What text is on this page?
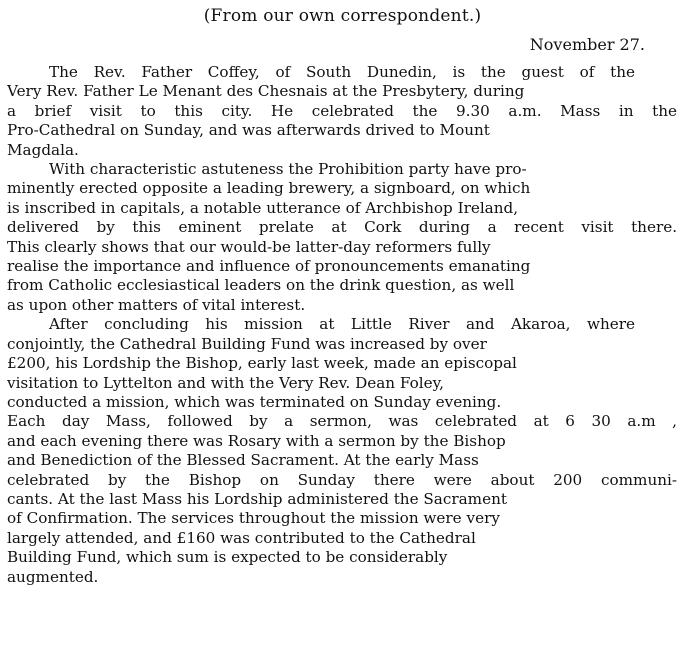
(From our own correspondent.)
November 27.

The Rev. Father Coffey, of South Dunedin, is the guest of the
Very Rev. Father Le Menant des Chesnais at the Presbytery, during
a brief visit to this city. He celebrated the 9.30 a.m. Mass in the
Pro-Cathedral on Sunday, and was afterwards drived to Mount
Magdala.

With characteristic astuteness the Prohibition party have pro-
minently erected opposite a leading brewery, a signboard, on which
is inscribed in capitals, a notable utterance of Archbishop Ireland,
delivered by this eminent prelate at Cork during a recent visit there.
This clearly shows that our would-be latter-day reformers fully
realise the importance and influence of pronouncements emanating
from Catholic ecclesiastical leaders on the drink question, as well
as upon other matters of vital interest.

After concluding his mission at Little River and Akaroa, where
conjointly, the Cathedral Building Fund was increased by over
£200, his Lordship the Bishop, early last week, made an episcopal
visitation to Lyttelton and with the Very Rev. Dean Foley,
conducted a mission, which was terminated on Sunday evening.
Each day Mass, followed by a sermon, was celebrated at 6 30 a.m ,
and each evening there was Rosary with a sermon by the Bishop
and Benediction of the Blessed Sacrament. At the early Mass
celebrated by the Bishop on Sunday there were about 200 communi-
cants. At the last Mass his Lordship administered the Sacrament
of Confirmation. The services throughout the mission were very
largely attended, and £160 was contributed to the Cathedral
Building Fund, which sum is expected to be considerably
augmented.
